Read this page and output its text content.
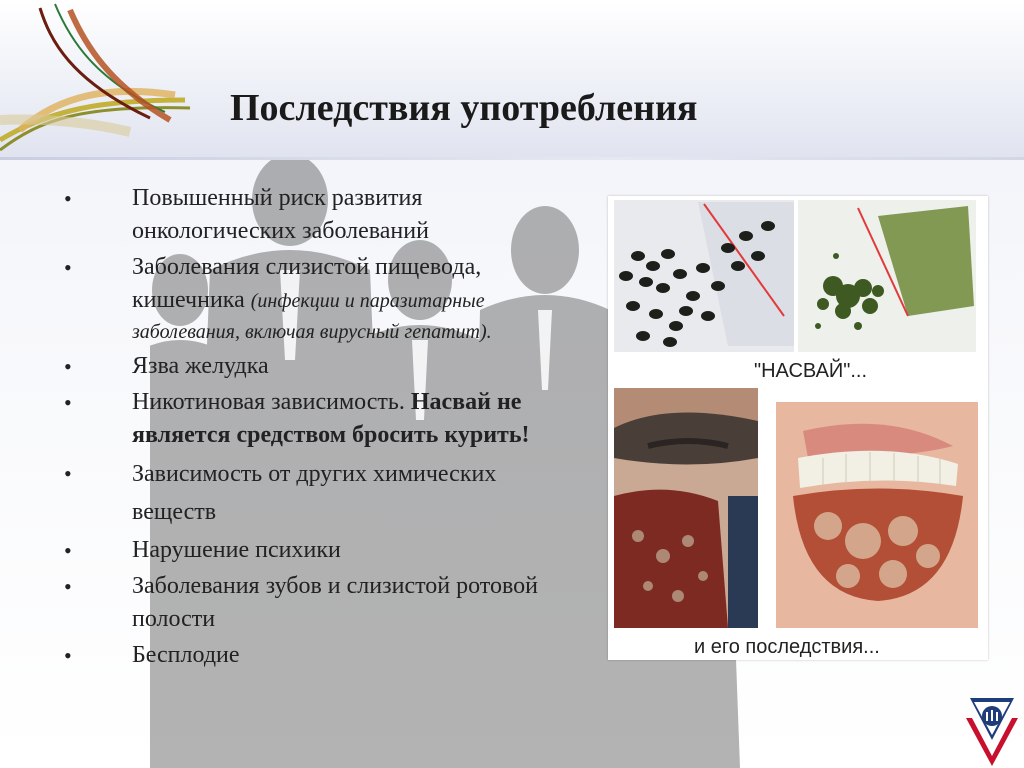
Последствия употребления
•	Повышенный риск развития
онкологических заболеваний
•	Заболевания слизистой пищевода,
кишечника (инфекции и паразитарные
заболевания, включая вирусный гепатит).
•	Язва желудка
•	Никотиновая зависимость. Насвай не
является средством бросить курить!
•	Зависимость от других химических
веществ
•	Нарушение психики
•	Заболевания зубов и слизистой ротовой
полости
•	Бесплодие
"НАСВАЙ"...
и его последствия...
